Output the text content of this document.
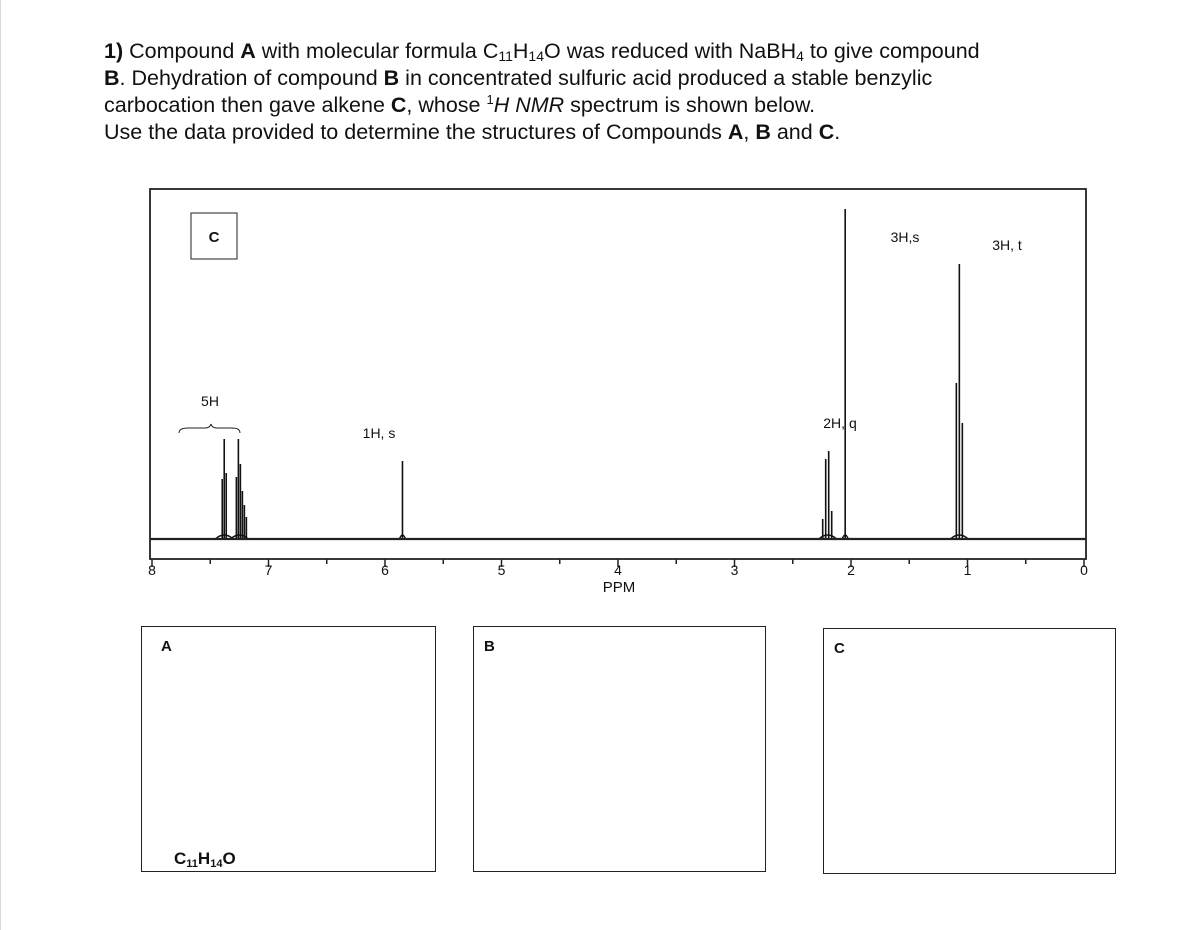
1) Compound A with molecular formula $C_{11}H_{14}O$ was reduced with NaBH$_4$ to give compound
B. Dehydration of compound B in concentrated sulfuric acid produced a stable benzylic
carbocation then gave alkene C, whose $^1$H NMR spectrum is shown below.
Use the data provided to determine the structures of Compounds A, B and C.

C
5H
1H, s
2H, q
3H,s	3H, t
8	7	6	5	4	3	2	1	0
PPM
A
$C_{11}H_{14}O$
B	C
